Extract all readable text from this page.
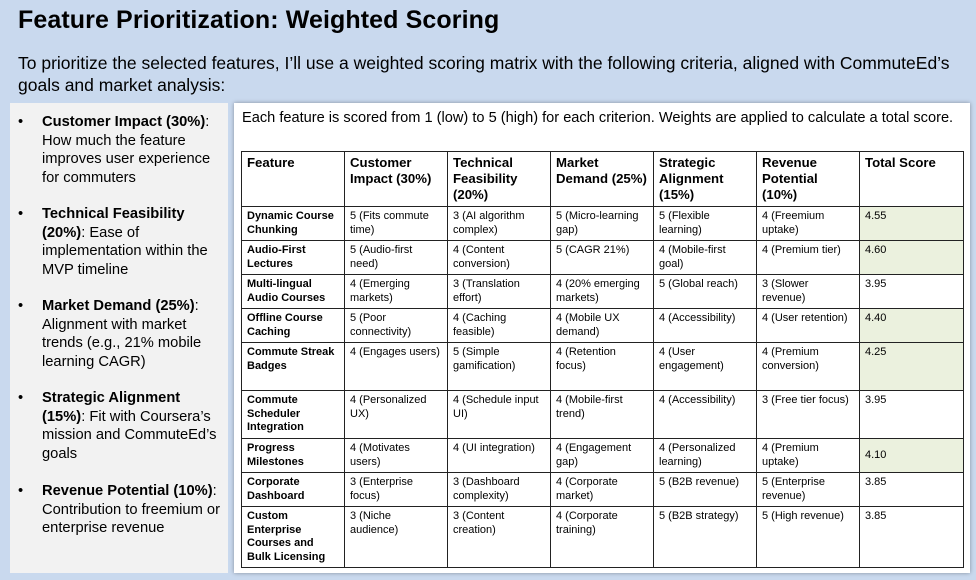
Feature Prioritization: Weighted Scoring
To prioritize the selected features, I’ll use a weighted scoring matrix with the following criteria, aligned with CommuteEd’s goals and market analysis:
• Customer Impact (30%): How much the feature improves user experience for commuters
• Technical Feasibility (20%): Ease of implementation within the MVP timeline
• Market Demand (25%): Alignment with market trends (e.g., 21% mobile learning CAGR)
• Strategic Alignment (15%): Fit with Coursera’s mission and CommuteEd’s goals
• Revenue Potential (10%): Contribution to freemium or enterprise revenue
Each feature is scored from 1 (low) to 5 (high) for each criterion. Weights are applied to calculate a total score.
Feature	Customer Impact (30%)	Technical Feasibility (20%)	Market Demand (25%)	Strategic Alignment (15%)	Revenue Potential (10%)	Total Score
Dynamic Course Chunking	5 (Fits commute time)	3 (AI algorithm complex)	5 (Micro-learning gap)	5 (Flexible learning)	4 (Freemium uptake)	4.55
Audio-First Lectures	5 (Audio-first need)	4 (Content conversion)	5 (CAGR 21%)	4 (Mobile-first goal)	4 (Premium tier)	4.60
Multi-lingual Audio Courses	4 (Emerging markets)	3 (Translation effort)	4 (20% emerging markets)	5 (Global reach)	3 (Slower revenue)	3.95
Offline Course Caching	5 (Poor connectivity)	4 (Caching feasible)	4 (Mobile UX demand)	4 (Accessibility)	4 (User retention)	4.40
Commute Streak Badges	4 (Engages users)	5 (Simple gamification)	4 (Retention focus)	4 (User engagement)	4 (Premium conversion)	4.25
Commute Scheduler Integration	4 (Personalized UX)	4 (Schedule input UI)	4 (Mobile-first trend)	4 (Accessibility)	3 (Free tier focus)	3.95
Progress Milestones	4 (Motivates users)	4 (UI integration)	4 (Engagement gap)	4 (Personalized learning)	4 (Premium uptake)	4.10
Corporate Dashboard	3 (Enterprise focus)	3 (Dashboard complexity)	4 (Corporate market)	5 (B2B revenue)	5 (Enterprise revenue)	3.85
Custom Enterprise Courses and Bulk Licensing	3 (Niche audience)	3 (Content creation)	4 (Corporate training)	5 (B2B strategy)	5 (High revenue)	3.85
